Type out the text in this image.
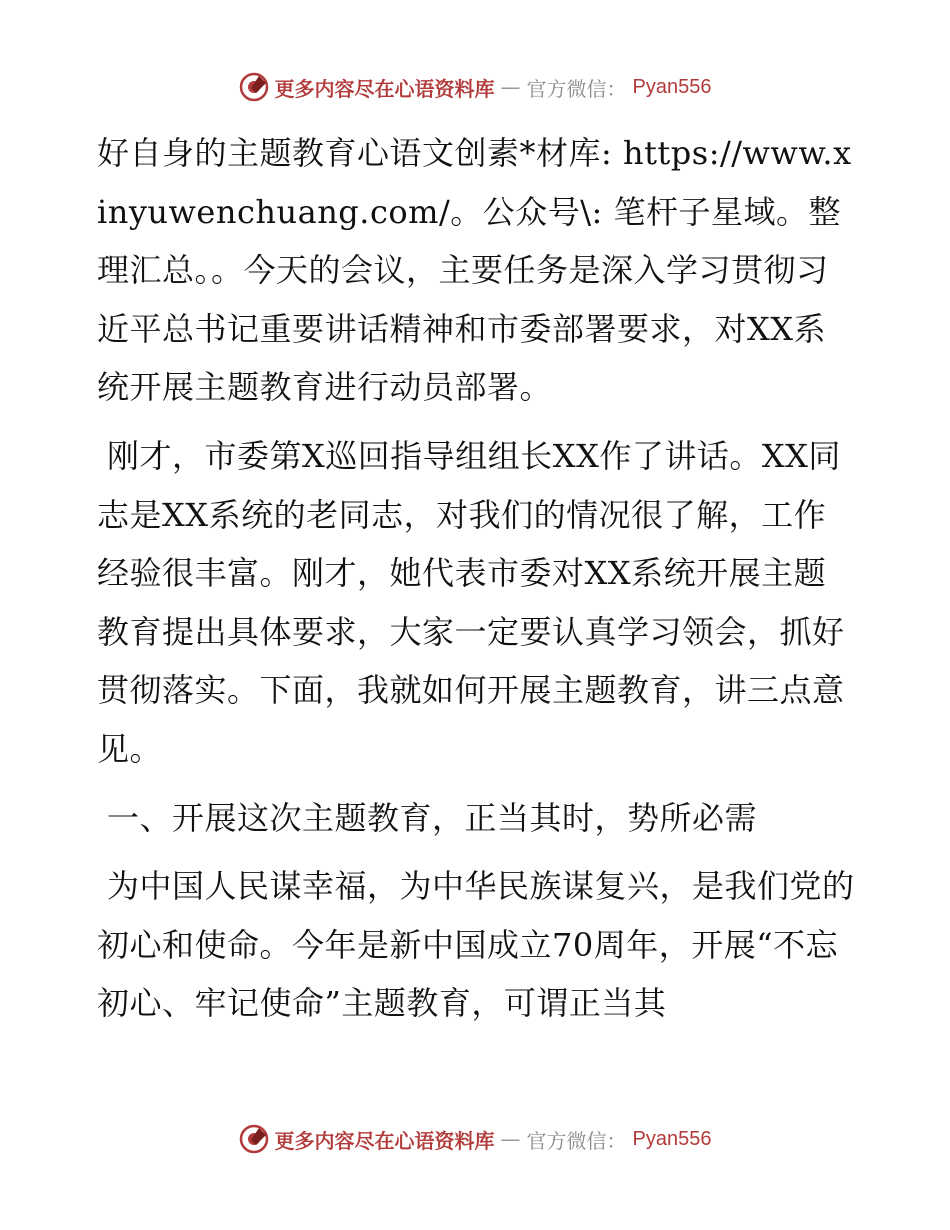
更多内容尽在心语资料库 — 官方微信： Pyan556

好自身的主题教育心语文创素*材库: https://www.xinyuwenchuang.com/。公众号\: 笔杆子星域。整理汇总。。今天的会议，主要任务是深入学习贯彻习近平总书记重要讲话精神和市委部署要求，对XX系统开展主题教育进行动员部署。

刚才，市委第X巡回指导组组长XX作了讲话。XX同志是XX系统的老同志，对我们的情况很了解，工作经验很丰富。刚才，她代表市委对XX系统开展主题教育提出具体要求，大家一定要认真学习领会，抓好贯彻落实。下面，我就如何开展主题教育，讲三点意见。

一、开展这次主题教育，正当其时，势所必需

为中国人民谋幸福，为中华民族谋复兴，是我们党的初心和使命。今年是新中国成立70周年，开展“不忘初心、牢记使命”主题教育，可谓正当其

更多内容尽在心语资料库 — 官方微信： Pyan556
